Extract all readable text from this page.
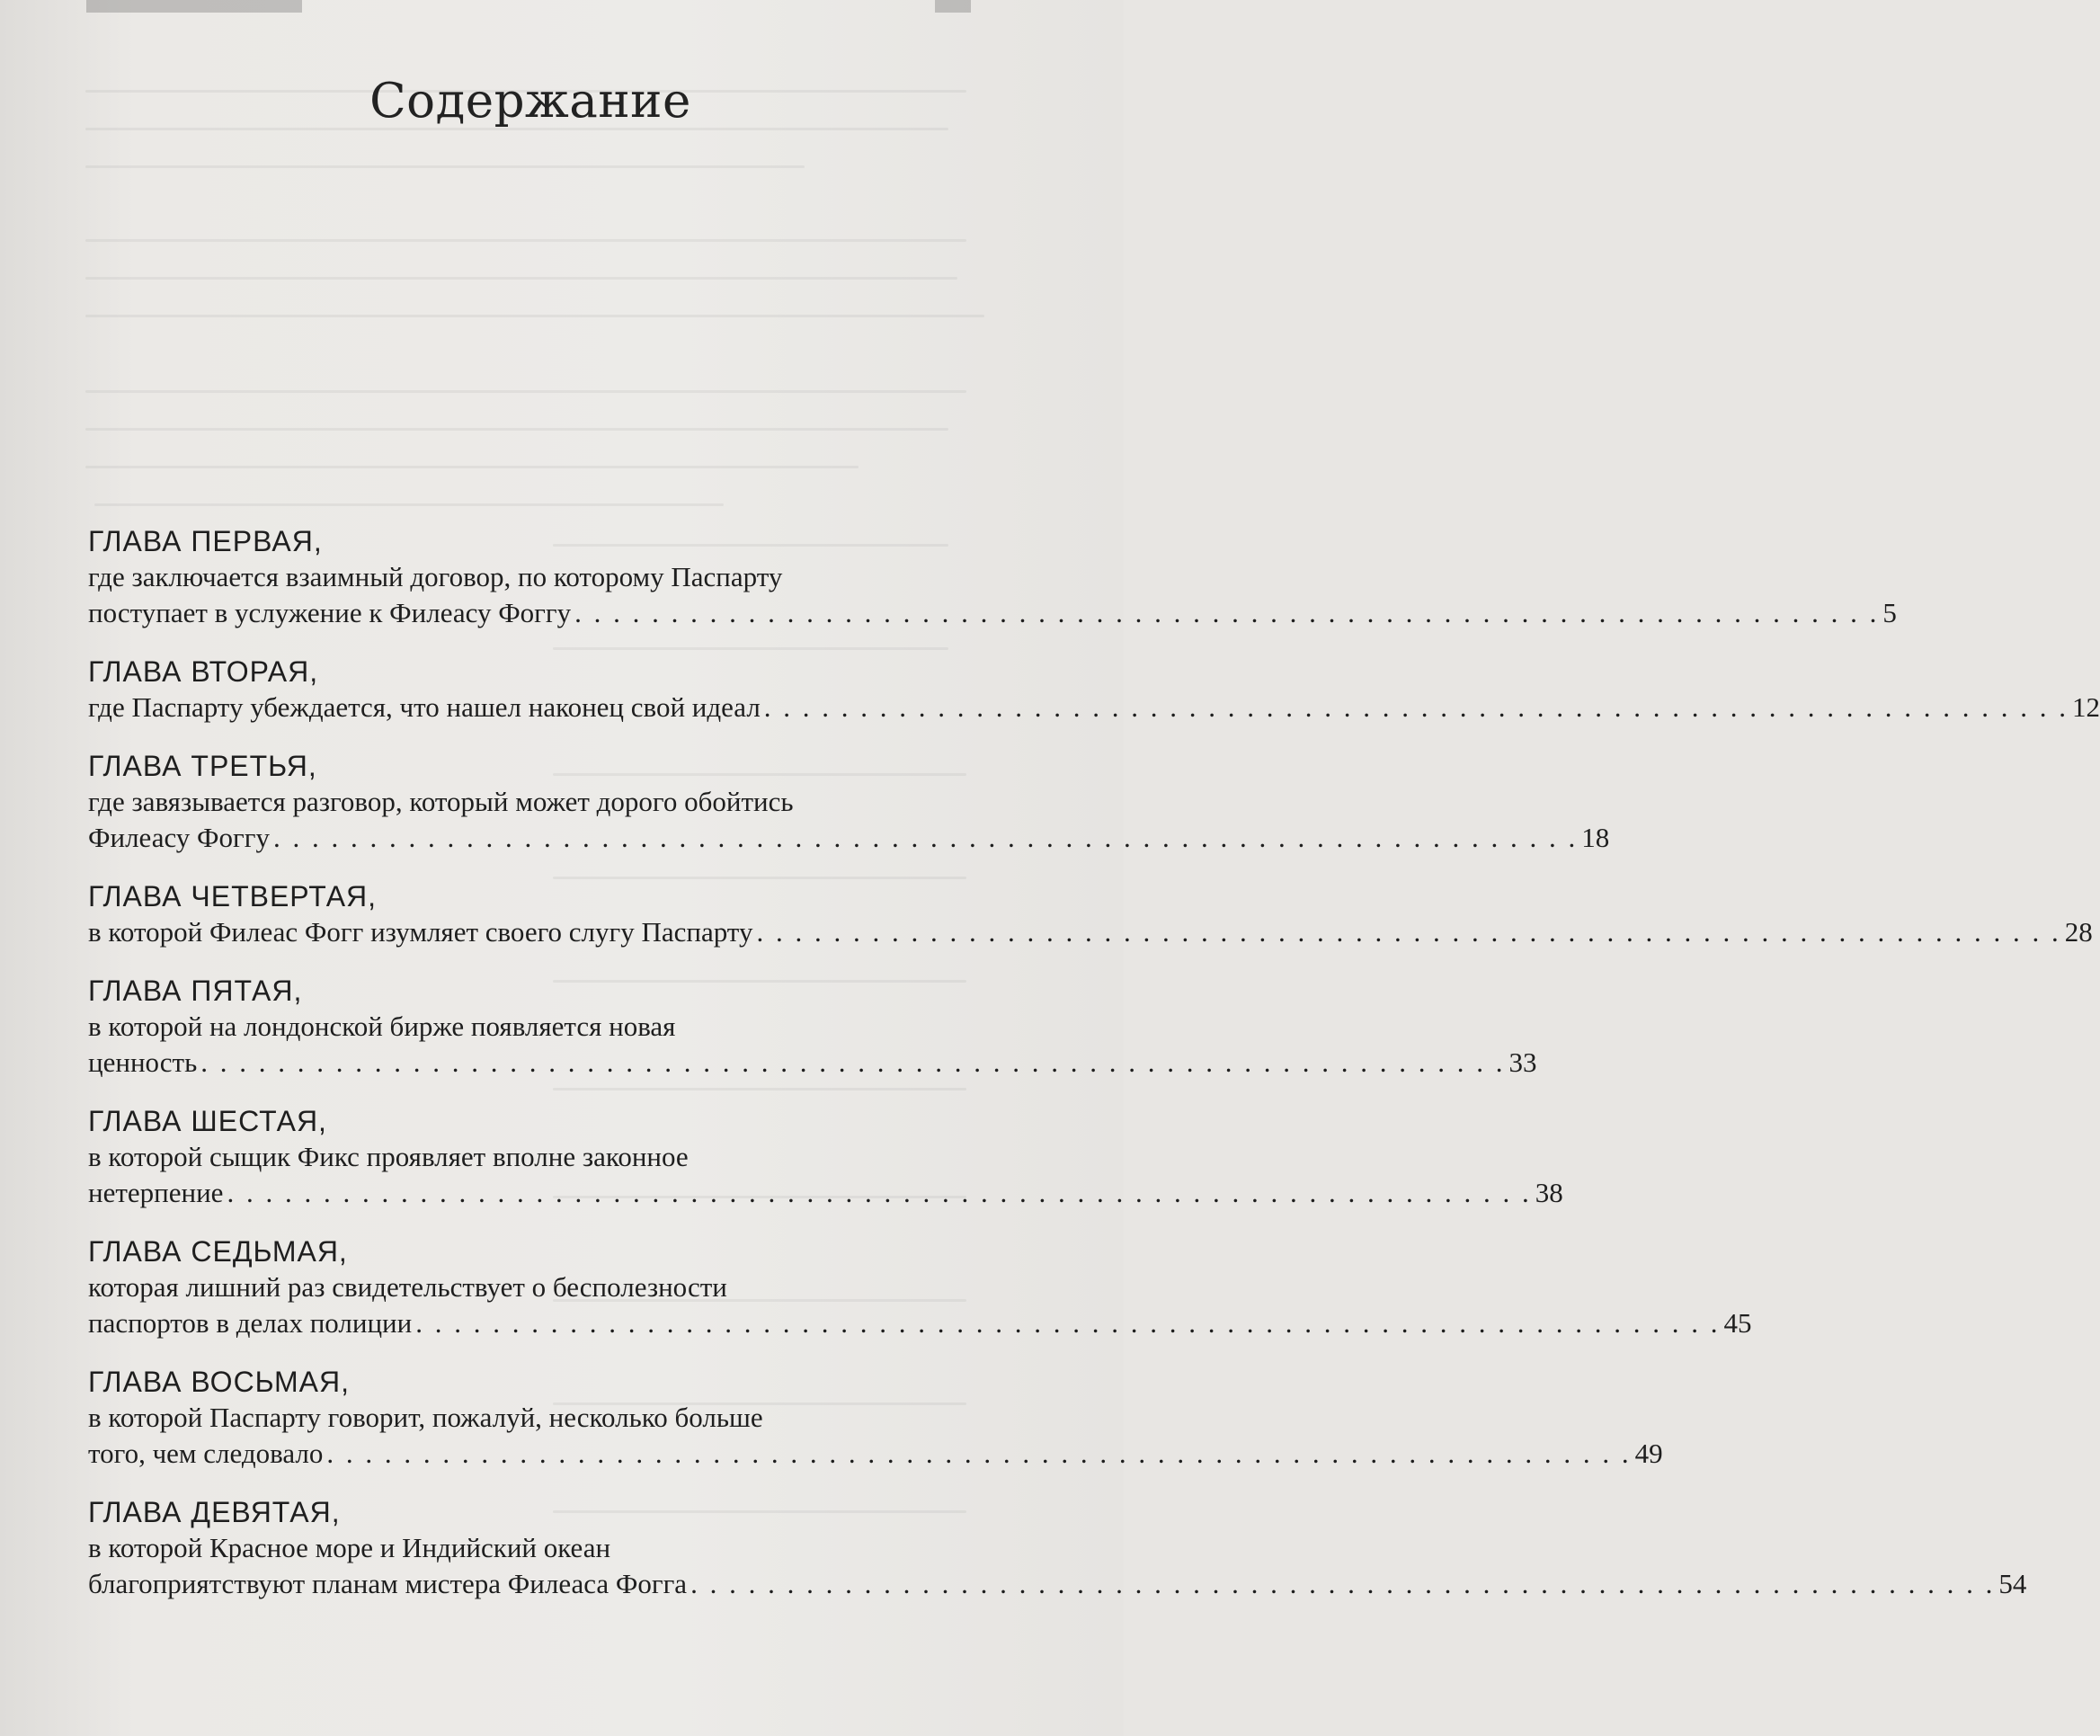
Содержание
ГЛАВА ПЕРВАЯ,
где заключается взаимный договор, по которому Паспарту
поступает в услужение к Филеасу Фоггу . . . . . . . . . . . . . . . . . . . . . . . . . . . . . . . . . . . . . . . . . . . . . . . . . . . . . . . . . . . . . . . . . . . . 5
ГЛАВА ВТОРАЯ,
где Паспарту убеждается, что нашел наконец свой идеал . . . . . . . . . . . . . . . . . . . . . . . . . . . . . . . . . . . . . . . . . . . . . . . . . . . . . . . . . . . . . . . . . . . . 12
ГЛАВА ТРЕТЬЯ,
где завязывается разговор, который может дорого обойтись
Филеасу Фоггу . . . . . . . . . . . . . . . . . . . . . . . . . . . . . . . . . . . . . . . . . . . . . . . . . . . . . . . . . . . . . . . . . . . . 18
ГЛАВА ЧЕТВЕРТАЯ,
в которой Филеас Фогг изумляет своего слугу Паспарту . . . . . . . . . . . . . . . . . . . . . . . . . . . . . . . . . . . . . . . . . . . . . . . . . . . . . . . . . . . . . . . . . . . . 28
ГЛАВА ПЯТАЯ,
в которой на лондонской бирже появляется новая
ценность . . . . . . . . . . . . . . . . . . . . . . . . . . . . . . . . . . . . . . . . . . . . . . . . . . . . . . . . . . . . . . . . . . . . 33
ГЛАВА ШЕСТАЯ,
в которой сыщик Фикс проявляет вполне законное
нетерпение . . . . . . . . . . . . . . . . . . . . . . . . . . . . . . . . . . . . . . . . . . . . . . . . . . . . . . . . . . . . . . . . . . . . 38
ГЛАВА СЕДЬМАЯ,
которая лишний раз свидетельствует о бесполезности
паспортов в делах полиции . . . . . . . . . . . . . . . . . . . . . . . . . . . . . . . . . . . . . . . . . . . . . . . . . . . . . . . . . . . . . . . . . . . . 45
ГЛАВА ВОСЬМАЯ,
в которой Паспарту говорит, пожалуй, несколько больше
того, чем следовало . . . . . . . . . . . . . . . . . . . . . . . . . . . . . . . . . . . . . . . . . . . . . . . . . . . . . . . . . . . . . . . . . . . . 49
ГЛАВА ДЕВЯТАЯ,
в которой Красное море и Индийский океан
благоприятствуют планам мистера Филеаса Фогга . . . . . . . . . . . . . . . . . . . . . . . . . . . . . . . . . . . . . . . . . . . . . . . . . . . . . . . . . . . . . . . . . . . . 54
